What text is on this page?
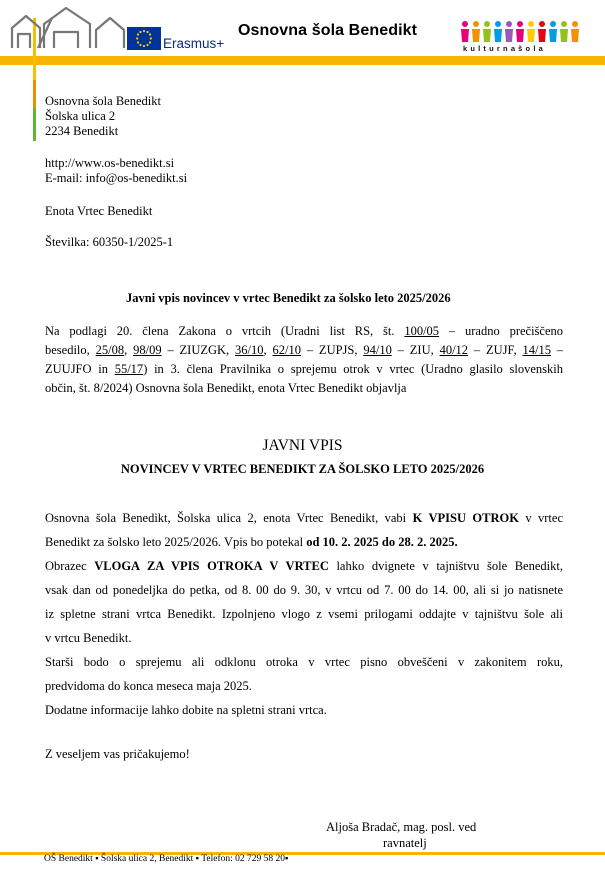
Erasmus+
Osnovna šola Benedikt
kulturnašola
Osnovna šola Benedikt
Šolska ulica 2
2234 Benedikt
http://www.os-benedikt.si
E-mail: info@os-benedikt.si
Enota Vrtec Benedikt
Številka: 60350-1/2025-1
Javni vpis novincev v vrtec Benedikt za šolsko leto 2025/2026
Na podlagi 20. člena Zakona o vrtcih (Uradni list RS, št. 100/05 – uradno prečiščeno
besedilo, 25/08, 98/09 – ZIUZGK, 36/10, 62/10 – ZUPJS, 94/10 – ZIU, 40/12 – ZUJF, 14/15 –
ZUUJFO in 55/17) in 3. člena Pravilnika o sprejemu otrok v vrtec (Uradno glasilo slovenskih
občin, št. 8/2024) Osnovna šola Benedikt, enota Vrtec Benedikt objavlja
JAVNI VPIS
NOVINCEV V VRTEC BENEDIKT ZA ŠOLSKO LETO 2025/2026
Osnovna šola Benedikt, Šolska ulica 2, enota Vrtec Benedikt, vabi K VPISU OTROK v vrtec
Benedikt za šolsko leto 2025/2026. Vpis bo potekal od 10. 2. 2025 do 28. 2. 2025.
Obrazec VLOGA ZA VPIS OTROKA V VRTEC lahko dvignete v tajništvu šole Benedikt,
vsak dan od ponedeljka do petka, od 8. 00 do 9. 30, v vrtcu od 7. 00 do 14. 00, ali si jo natisnete
iz spletne strani vrtca Benedikt. Izpolnjeno vlogo z vsemi prilogami oddajte v tajništvu šole ali
v vrtcu Benedikt.
Starši bodo o sprejemu ali odklonu otroka v vrtec pisno obveščeni v zakonitem roku,
predvidoma do konca meseca maja 2025.
Dodatne informacije lahko dobite na spletni strani vrtca.
Z veseljem vas pričakujemo!
Aljoša Bradač, mag. posl. ved
ravnatelj
OŠ Benedikt ▪ Šolska ulica 2, Benedikt ▪ Telefon: 02 729 58 20▪
